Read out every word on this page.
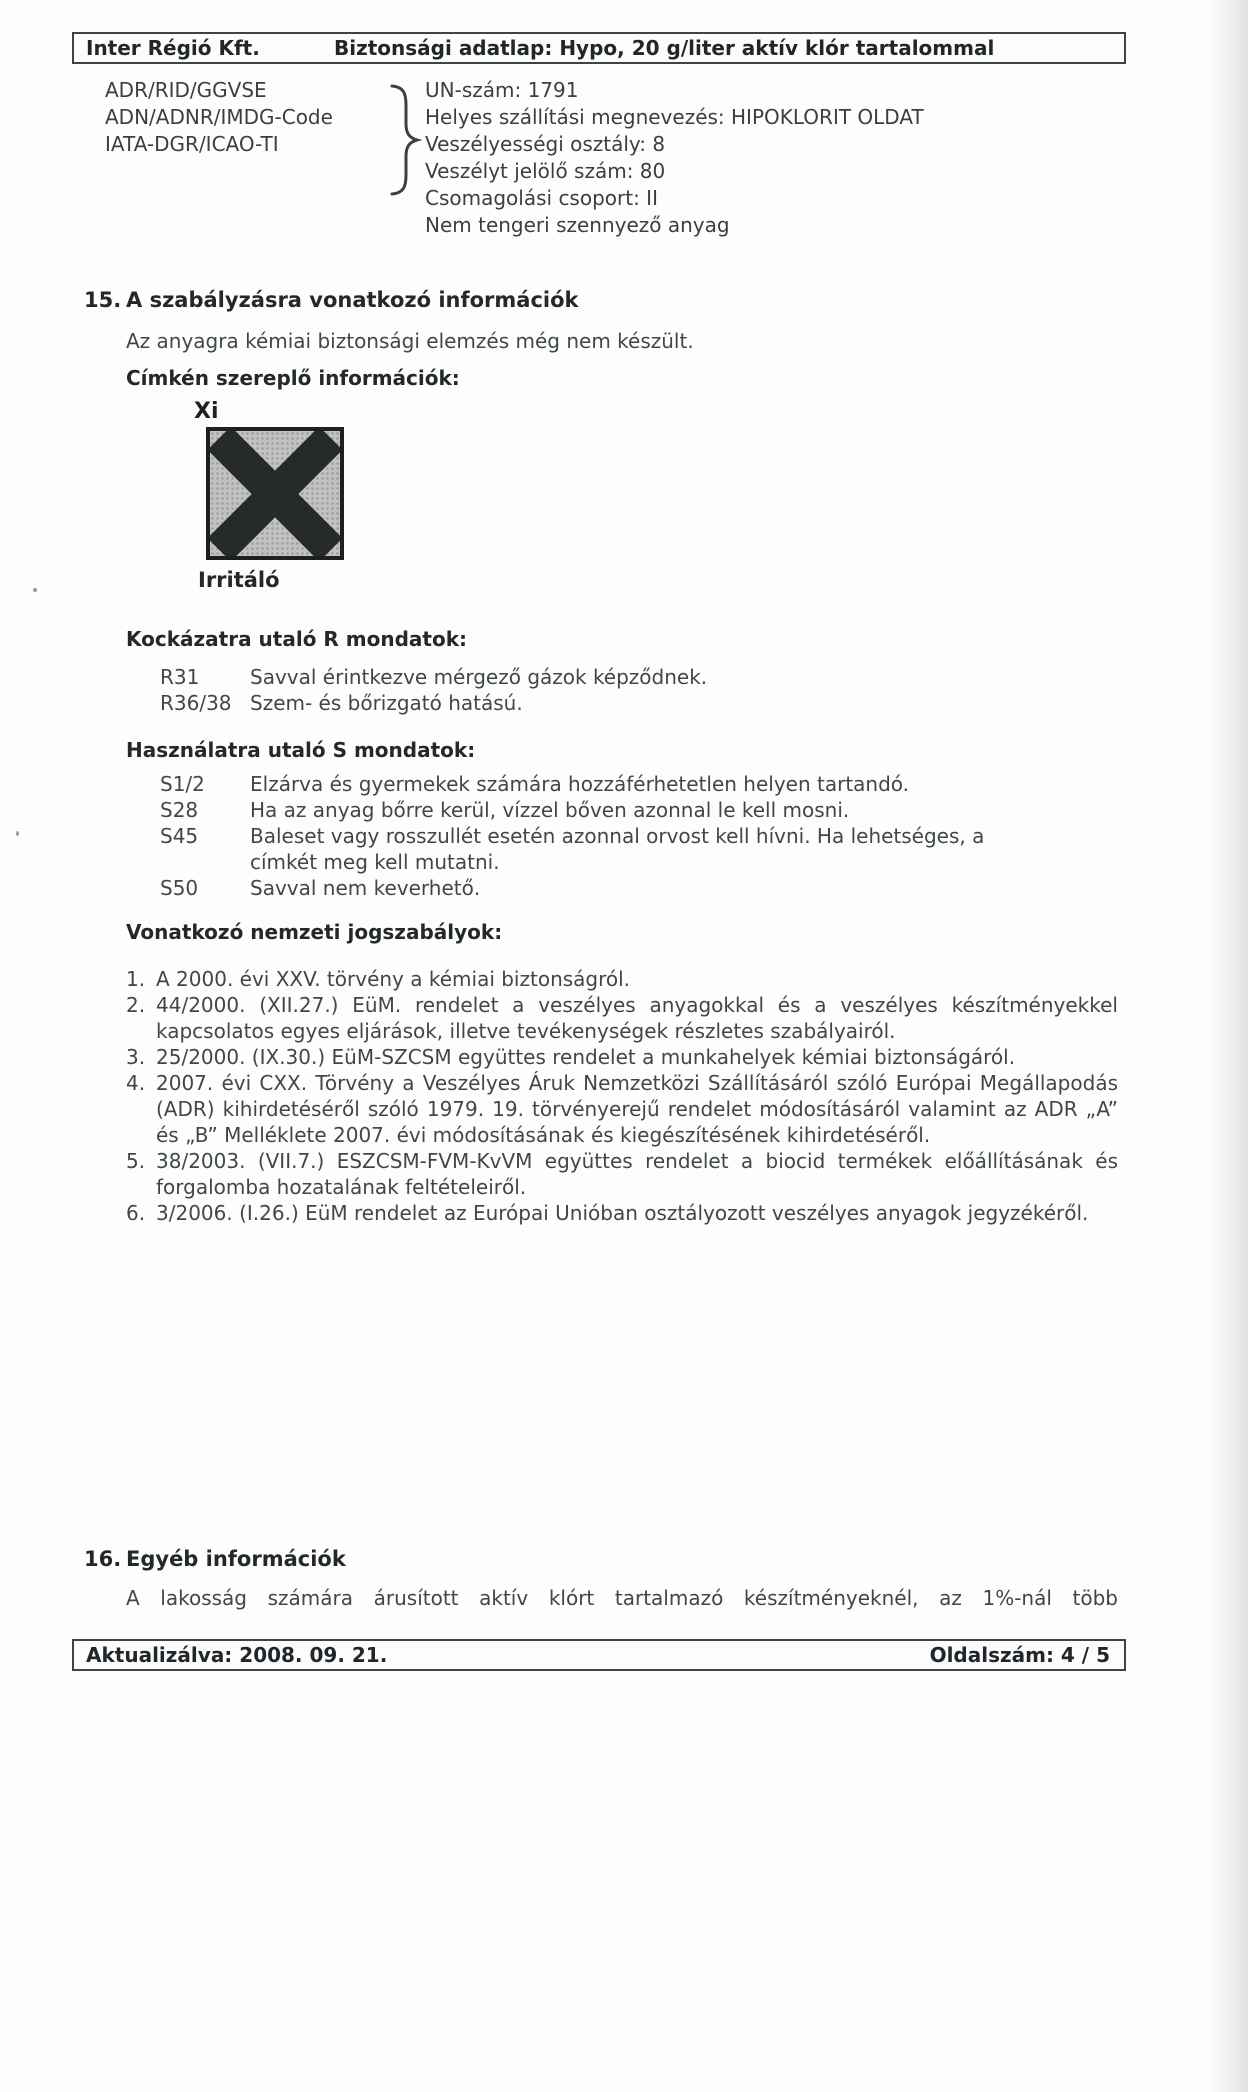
Inter Régió Kft.	Biztonsági adatlap: Hypo, 20 g/liter aktív klór tartalommal
ADR/RID/GGVSE
ADN/ADNR/IMDG-Code
IATA-DGR/ICAO-TI
UN-szám: 1791
Helyes szállítási megnevezés: HIPOKLORIT OLDAT
Veszélyességi osztály: 8
Veszélyt jelölő szám: 80
Csomagolási csoport: II
Nem tengeri szennyező anyag
15. A szabályzásra vonatkozó információk
Az anyagra kémiai biztonsági elemzés még nem készült.
Címkén szereplő információk:
Xi
Irritáló
Kockázatra utaló R mondatok:
R31	Savval érintkezve mérgező gázok képződnek.
R36/38 Szem- és bőrizgató hatású.
Használatra utaló S mondatok:
S1/2	Elzárva és gyermekek számára hozzáférhetetlen helyen tartandó.
S28	Ha az anyag bőrre kerül, vízzel bőven azonnal le kell mosni.
S45	Baleset vagy rosszullét esetén azonnal orvost kell hívni. Ha lehetséges, a címkét meg kell mutatni.
S50	Savval nem keverhető.
Vonatkozó nemzeti jogszabályok:
1. A 2000. évi XXV. törvény a kémiai biztonságról.
2. 44/2000. (XII.27.) EüM. rendelet a veszélyes anyagokkal és a veszélyes készítményekkel kapcsolatos egyes eljárások, illetve tevékenységek részletes szabályairól.
3. 25/2000. (IX.30.) EüM-SZCSM együttes rendelet a munkahelyek kémiai biztonságáról.
4. 2007. évi CXX. Törvény a Veszélyes Áruk Nemzetközi Szállításáról szóló Európai Megállapodás (ADR) kihirdetéséről szóló 1979. 19. törvényerejű rendelet módosításáról valamint az ADR „A” és „B” Melléklete 2007. évi módosításának és kiegészítésének kihirdetéséről.
5. 38/2003. (VII.7.) ESZCSM-FVM-KvVM együttes rendelet a biocid termékek előállításának és forgalomba hozatalának feltételeiről.
6. 3/2006. (I.26.) EüM rendelet az Európai Unióban osztályozott veszélyes anyagok jegyzékéről.
16. Egyéb információk
A lakosság számára árusított aktív klórt tartalmazó készítményeknél, az 1%-nál több
Aktualizálva: 2008. 09. 21.	Oldalszám: 4 / 5
